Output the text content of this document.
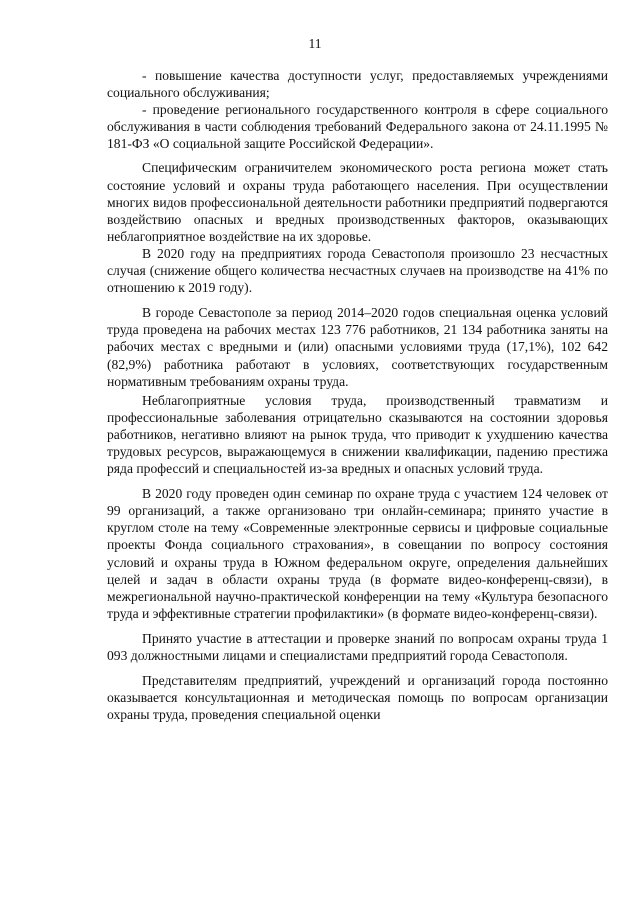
11

- повышение качества доступности услуг, предоставляемых учреждениями социального обслуживания;

- проведение регионального государственного контроля в сфере социального обслуживания в части соблюдения требований Федерального закона от 24.11.1995 № 181-ФЗ «О социальной защите Российской Федерации».

Специфическим ограничителем экономического роста региона может стать состояние условий и охраны труда работающего населения. При осуществлении многих видов профессиональной деятельности работники предприятий подвергаются воздействию опасных и вредных производственных факторов, оказывающих неблагоприятное воздействие на их здоровье.

В 2020 году на предприятиях города Севастополя произошло 23 несчастных случая (снижение общего количества несчастных случаев на производстве на 41% по отношению к 2019 году).

В городе Севастополе за период 2014–2020 годов специальная оценка условий труда проведена на рабочих местах 123 776 работников, 21 134 работника заняты на рабочих местах с вредными и (или) опасными условиями труда (17,1%), 102 642 (82,9%) работника работают в условиях, соответствующих государственным нормативным требованиям охраны труда.

Неблагоприятные условия труда, производственный травматизм и профессиональные заболевания отрицательно сказываются на состоянии здоровья работников, негативно влияют на рынок труда, что приводит к ухудшению качества трудовых ресурсов, выражающемуся в снижении квалификации, падению престижа ряда профессий и специальностей из-за вредных и опасных условий труда.

В 2020 году проведен один семинар по охране труда с участием 124 человек от 99 организаций, а также организовано три онлайн-семинара; принято участие в круглом столе на тему «Современные электронные сервисы и цифровые социальные проекты Фонда социального страхования», в совещании по вопросу состояния условий и охраны труда в Южном федеральном округе, определения дальнейших целей и задач в области охраны труда (в формате видео-конференц-связи), в межрегиональной научно-практической конференции на тему «Культура безопасного труда и эффективные стратегии профилактики» (в формате видео-конференц-связи).

Принято участие в аттестации и проверке знаний по вопросам охраны труда 1 093 должностными лицами и специалистами предприятий города Севастополя.

Представителям предприятий, учреждений и организаций города постоянно оказывается консультационная и методическая помощь по вопросам организации охраны труда, проведения специальной оценки
